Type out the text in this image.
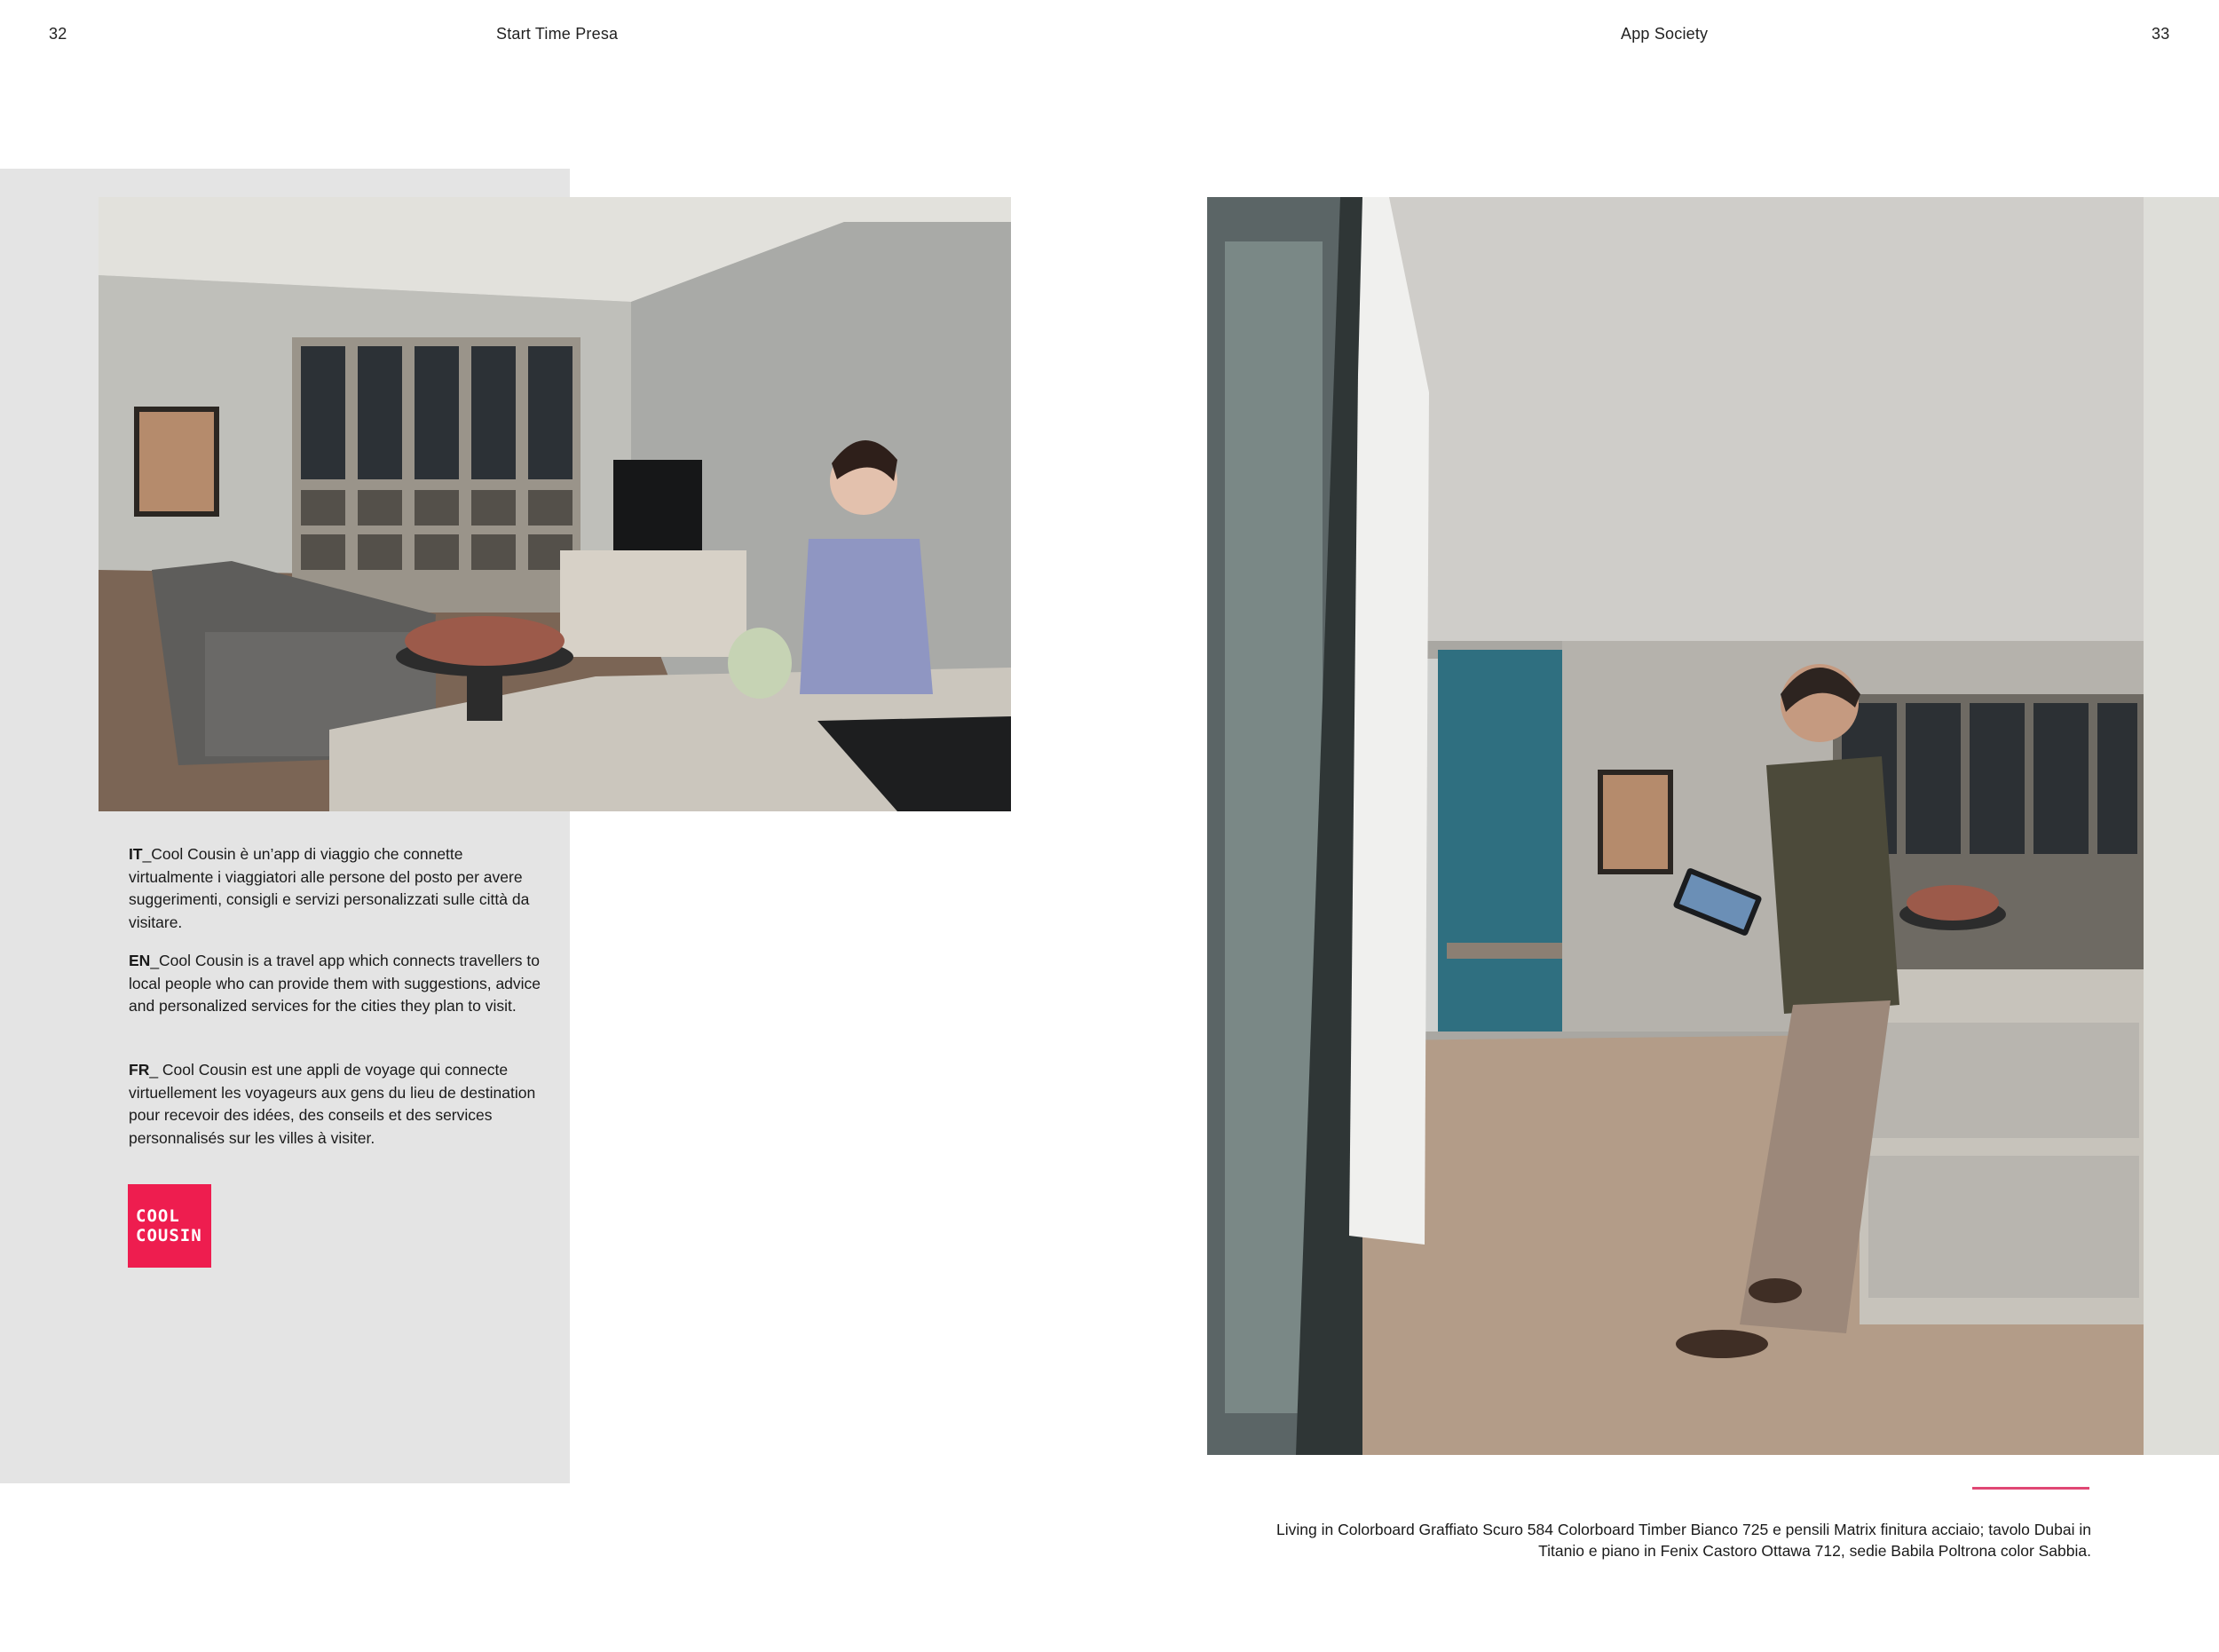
32	Start Time Presa	App Society	33
IT_Cool Cousin è un’app di viaggio che connette virtualmente i viaggiatori alle persone del posto per avere suggerimenti, consigli e servizi personalizzati sulle città da visitare.
EN_Cool Cousin is a travel app which connects travellers to local people who can provide them with suggestions, advice and personalized services for the cities they plan to visit.
FR_ Cool Cousin est une appli de voyage qui connecte virtuellement les voyageurs aux gens du lieu de destination pour recevoir des idées, des conseils et des services personnalisés sur les villes à visiter.
COOL
COUSIN
Living in Colorboard Graffiato Scuro 584 Colorboard Timber Bianco 725 e pensili Matrix finitura acciaio; tavolo Dubai in
Titanio e piano in Fenix Castoro Ottawa 712, sedie Babila Poltrona color Sabbia.
